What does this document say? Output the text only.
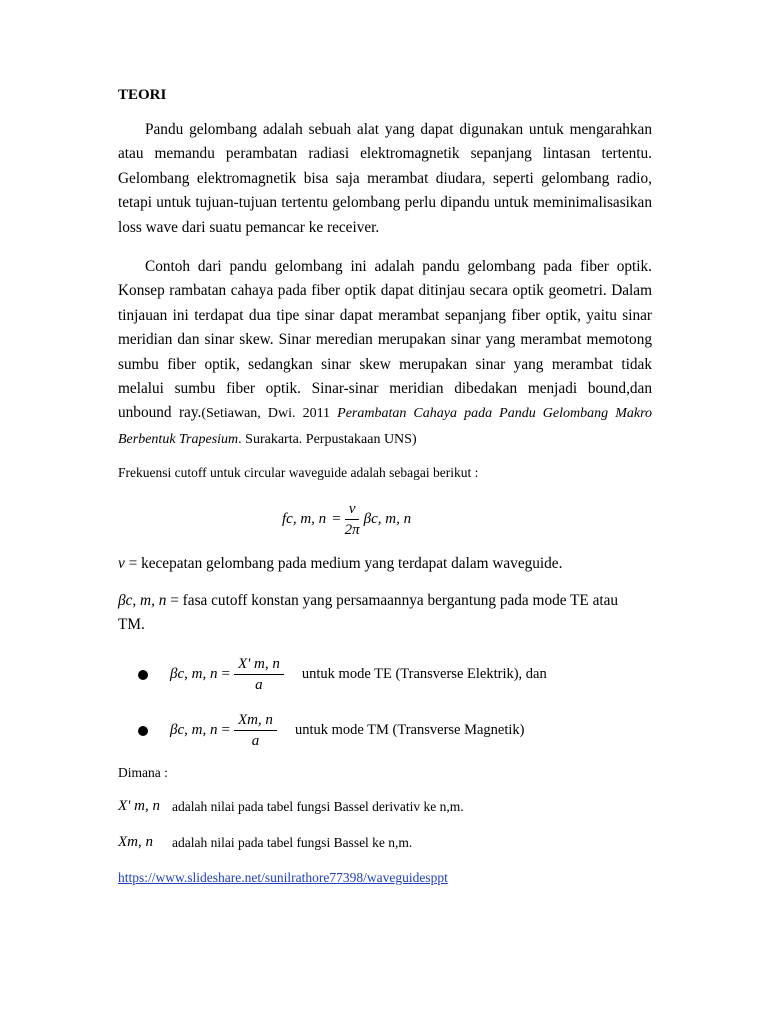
TEORI

Pandu gelombang adalah sebuah alat yang dapat digunakan untuk mengarahkan atau memandu perambatan radiasi elektromagnetik sepanjang lintasan tertentu. Gelombang elektromagnetik bisa saja merambat diudara, seperti gelombang radio, tetapi untuk tujuan-tujuan tertentu gelombang perlu dipandu untuk meminimalisasikan loss wave dari suatu pemancar ke receiver.

Contoh dari pandu gelombang ini adalah pandu gelombang pada fiber optik. Konsep rambatan cahaya pada fiber optik dapat ditinjau secara optik geometri. Dalam tinjauan ini terdapat dua tipe sinar dapat merambat sepanjang fiber optik, yaitu sinar meridian dan sinar skew. Sinar meredian merupakan sinar yang merambat memotong sumbu fiber optik, sedangkan sinar skew merupakan sinar yang merambat tidak melalui sumbu fiber optik. Sinar-sinar meridian dibedakan menjadi bound,dan unbound ray.(Setiawan, Dwi. 2011 Perambatan Cahaya pada Pandu Gelombang Makro Berbentuk Trapesium. Surakarta. Perpustakaan UNS)

Frekuensi cutoff untuk circular waveguide adalah sebagai berikut :
fc, m, $n = \frac{v}{2\pi} \beta c$, m, n
v = kecepatan gelombang pada medium yang terdapat dalam waveguide.
βc, m, n = fasa cutoff konstan yang persamaannya bergantung pada mode TE atau
TM.
βc, m, $n = \frac{X' m, n}{a}$ untuk mode TE (Transverse Elektrik), dan
βc, m, $n = \frac{Xm, n}{a}$ untuk mode TM (Transverse Magnetik)
Dimana :
X' m, n adalah nilai pada tabel fungsi Bassel derivativ ke n,m.
Xm, n	adalah nilai pada tabel fungsi Bassel ke n,m.
https://www.slideshare.net/sunilrathore77398/waveguidesppt
